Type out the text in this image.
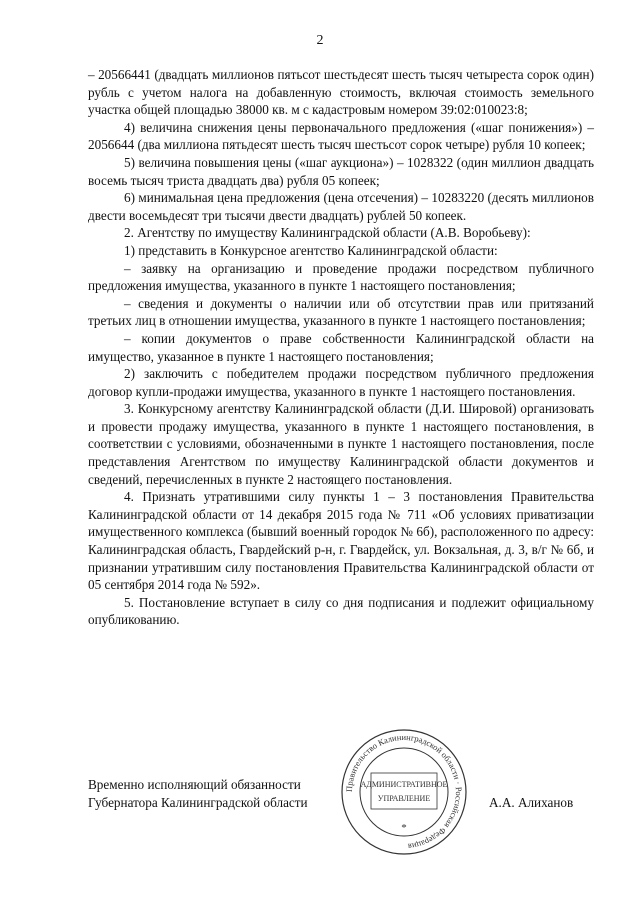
2

– 20566441 (двадцать миллионов пятьсот шестьдесят шесть тысяч четыреста сорок один) рубль с учетом налога на добавленную стоимость, включая стоимость земельного участка общей площадью 38000 кв. м с кадастровым номером 39:02:010023:8;

4) величина снижения цены первоначального предложения («шаг понижения») – 2056644 (два миллиона пятьдесят шесть тысяч шестьсот сорок четыре) рубля 10 копеек;

5) величина повышения цены («шаг аукциона») – 1028322 (один миллион двадцать восемь тысяч триста двадцать два) рубля 05 копеек;

6) минимальная цена предложения (цена отсечения) – 10283220 (десять миллионов двести восемьдесят три тысячи двести двадцать) рублей 50 копеек.

2. Агентству по имуществу Калининградской области (А.В. Воробьеву):

1) представить в Конкурсное агентство Калининградской области:

– заявку на организацию и проведение продажи посредством публичного предложения имущества, указанного в пункте 1 настоящего постановления;

– сведения и документы о наличии или об отсутствии прав или притязаний третьих лиц в отношении имущества, указанного в пункте 1 настоящего постановления;

– копии документов о праве собственности Калининградской области на имущество, указанное в пункте 1 настоящего постановления;

2) заключить с победителем продажи посредством публичного предложения договор купли-продажи имущества, указанного в пункте 1 настоящего постановления.

3. Конкурсному агентству Калининградской области (Д.И. Шировой) организовать и провести продажу имущества, указанного в пункте 1 настоящего постановления, в соответствии с условиями, обозначенными в пункте 1 настоящего постановления, после представления Агентством по имуществу Калининградской области документов и сведений, перечисленных в пункте 2 настоящего постановления.

4. Признать утратившими силу пункты 1 – 3 постановления Правительства Калининградской области от 14 декабря 2015 года № 711 «Об условиях приватизации имущественного комплекса (бывший военный городок № 6б), расположенного по адресу: Калининградская область, Гвардейский р-н, г. Гвардейск, ул. Вокзальная, д. 3, в/г № 6б, и признании утратившим силу постановления Правительства Калининградской области от 05 сентября 2014 года № 592».

5. Постановление вступает в силу со дня подписания и подлежит официальному опубликованию.

Правительство Калининградской области · Российская Федерация
АДМИНИСТРАТИВНОЕ
УПРАВЛЕНИЕ
*
Временно исполняющий обязанности
Губернатора Калининградской области	А.А. Алиханов
